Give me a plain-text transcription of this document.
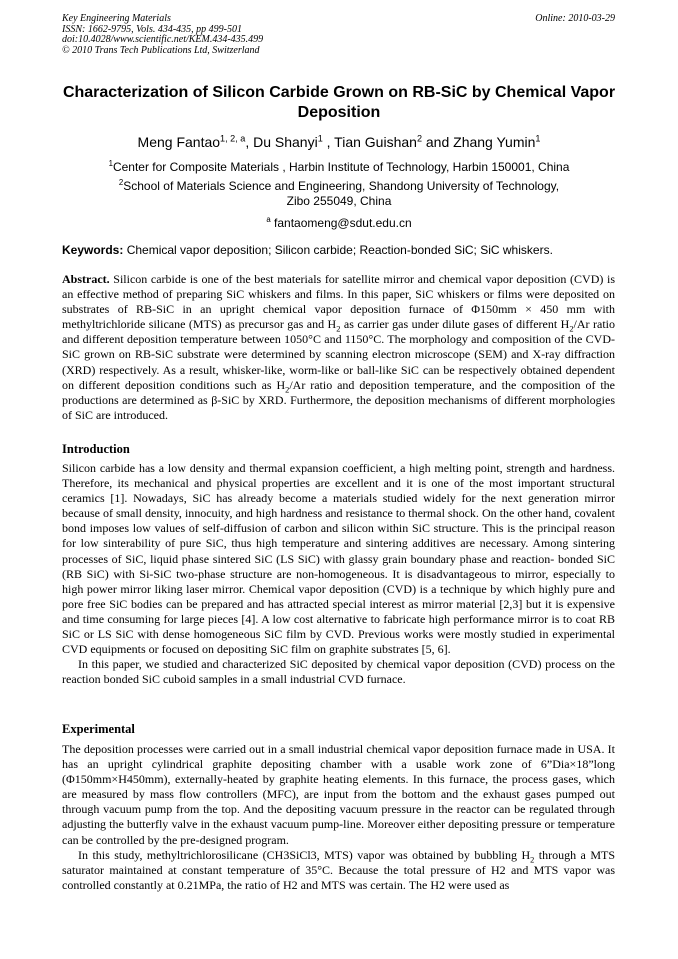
Key Engineering Materials
ISSN: 1662-9795, Vols. 434-435, pp 499-501
doi:10.4028/www.scientific.net/KEM.434-435.499
© 2010 Trans Tech Publications Ltd, Switzerland
Online: 2010-03-29
Characterization of Silicon Carbide Grown on RB-SiC by Chemical Vapor Deposition
Meng Fantao$^{1, 2, a}$, Du Shanyi$^1$ , Tian Guishan$^2$ and Zhang Yumin$^1$
$^1$Center for Composite Materials , Harbin Institute of Technology, Harbin 150001, China
$^2$School of Materials Science and Engineering, Shandong University of Technology,
Zibo 255049, China
$^a$ fantaomeng@sdut.edu.cn
Keywords: Chemical vapor deposition; Silicon carbide; Reaction-bonded SiC; SiC whiskers.

Abstract. Silicon carbide is one of the best materials for satellite mirror and chemical vapor deposition (CVD) is an effective method of preparing SiC whiskers and films. In this paper, SiC whiskers or films were deposited on substrates of RB-SiC in an upright chemical vapor deposition furnace of Φ150mm × 450 mm with methyltrichloride silicane (MTS) as precursor gas and $H_2$ as carrier gas under dilute gases of different $H_2/Ar$ ratio and different deposition temperature between 1050°C and 1150°C. The morphology and composition of the CVD-SiC grown on RB-SiC substrate were determined by scanning electron microscope (SEM) and X-ray diffraction (XRD) respectively. As a result, whisker-like, worm-like or ball-like SiC can be respectively obtained dependent on different deposition conditions such as $H_2/Ar$ ratio and deposition temperature, and the composition of the productions are determined as β-SiC by XRD. Furthermore, the deposition mechanisms of different morphologies of SiC are introduced.

Introduction

Silicon carbide has a low density and thermal expansion coefficient, a high melting point, strength and hardness. Therefore, its mechanical and physical properties are excellent and it is one of the most important structural ceramics [1]. Nowadays, SiC has already become a materials studied widely for the next generation mirror because of small density, innocuity, and high hardness and resistance to thermal shock. On the other hand, covalent bond imposes low values of self-diffusion of carbon and silicon within SiC structure. This is the principal reason for low sinterability of pure SiC, thus high temperature and sintering additives are necessary. Among sintering processes of SiC, liquid phase sintered SiC (LS SiC) with glassy grain boundary phase and reaction- bonded SiC (RB SiC) with Si-SiC two-phase structure are non-homogeneous. It is disadvantageous to mirror, especially to high power mirror liking laser mirror. Chemical vapor deposition (CVD) is a technique by which highly pure and pore free SiC bodies can be prepared and has attracted special interest as mirror material [2,3] but it is expensive and time consuming for large pieces [4]. A low cost alternative to fabricate high performance mirror is to coat RB SiC or LS SiC with dense homogeneous SiC film by CVD. Previous works were mostly studied in experimental CVD equipments or focused on depositing SiC film on graphite substrates [5, 6].

In this paper, we studied and characterized SiC deposited by chemical vapor deposition (CVD) process on the reaction bonded SiC cuboid samples in a small industrial CVD furnace.

Experimental

The deposition processes were carried out in a small industrial chemical vapor deposition furnace made in USA. It has an upright cylindrical graphite depositing chamber with a usable work zone of 6”Dia×18”long (Φ150mm×H450mm), externally-heated by graphite heating elements. In this furnace, the process gases, which are measured by mass flow controllers (MFC), are input from the bottom and the exhaust gases pumped out through vacuum pump from the top. And the depositing vacuum pressure in the reactor can be regulated through adjusting the butterfly valve in the exhaust vacuum pump-line. Moreover either depositing pressure or temperature can be controlled by the pre-designed program.

In this study, methyltrichlorosilicane (CH3SiCl3, MTS) vapor was obtained by bubbling $H_2$ through a MTS saturator maintained at constant temperature of 35°C. Because the total pressure of H2 and MTS vapor was controlled constantly at 0.21MPa, the ratio of H2 and MTS was certain. The H2 were used as
